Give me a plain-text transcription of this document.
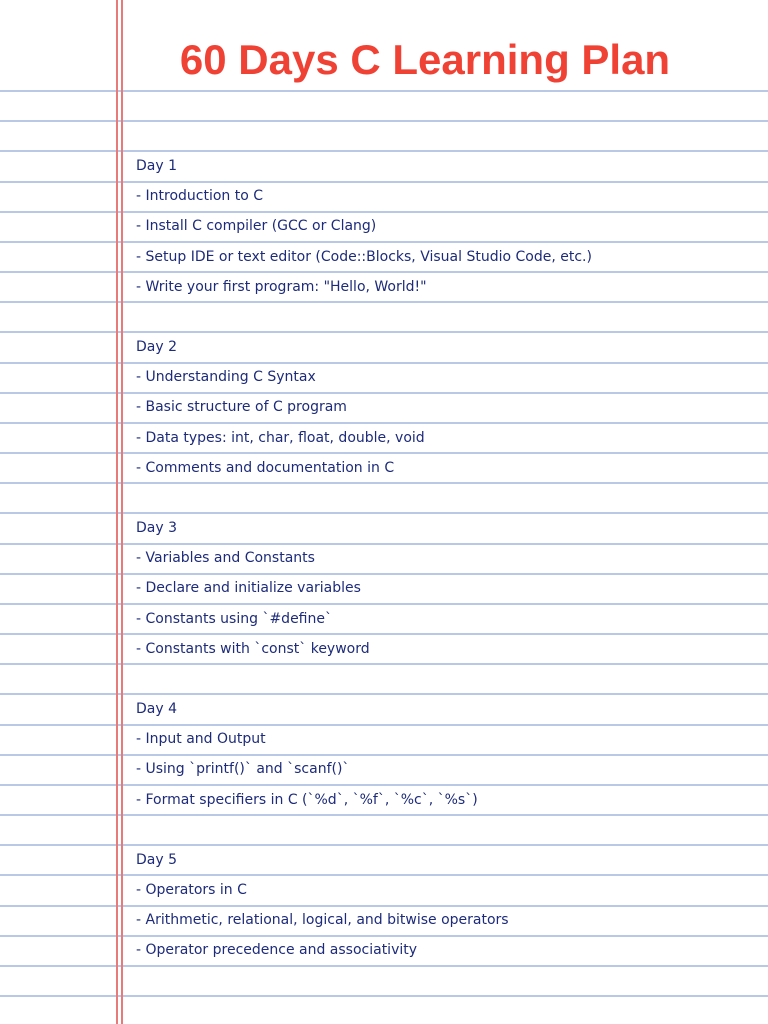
60 Days C Learning Plan
Day 1
- Introduction to C
- Install C compiler (GCC or Clang)
- Setup IDE or text editor (Code::Blocks, Visual Studio Code, etc.)
- Write your first program: "Hello, World!"
Day 2
- Understanding C Syntax
- Basic structure of C program
- Data types: int, char, float, double, void
- Comments and documentation in C
Day 3
- Variables and Constants
- Declare and initialize variables
- Constants using `#define`
- Constants with `const` keyword
Day 4
- Input and Output
- Using `printf()` and `scanf()`
- Format specifiers in C (`%d`, `%f`, `%c`, `%s`)
Day 5
- Operators in C
- Arithmetic, relational, logical, and bitwise operators
- Operator precedence and associativity
